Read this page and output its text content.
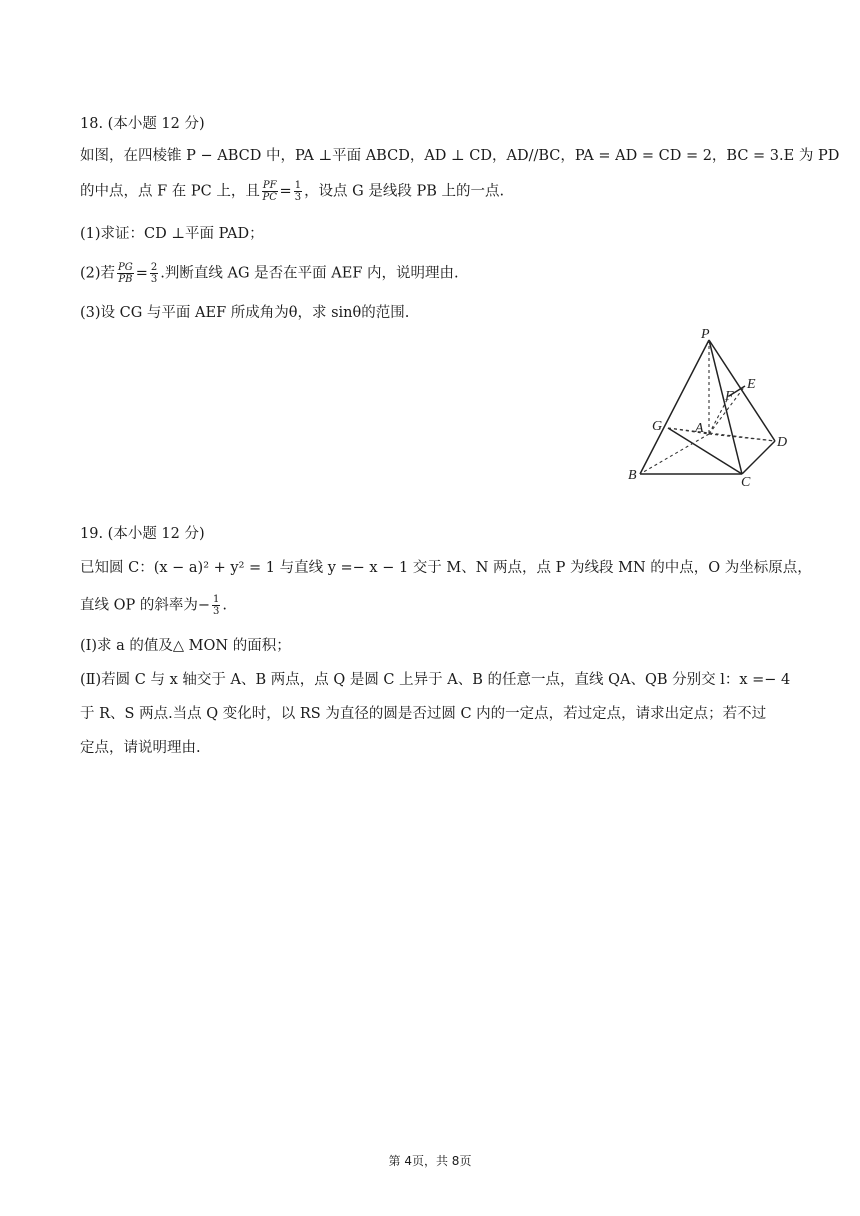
18. (本小题 12 分)
如图，在四棱锥 P − ABCD 中，PA ⊥平面 ABCD，AD ⊥ CD，AD//BC，PA = AD = CD = 2，BC = 3.E 为 PD
的中点，点 F 在 PC 上，且 $\frac{PF}{PC} = \frac{1}{3}$ ，设点 G 是线段 PB 上的一点.
(1)求证：CD ⊥平面 PAD；
(2)若 $\frac{PG}{PB} = \frac{2}{3}$ .判断直线 AG 是否在平面 AEF 内，说明理由.
(3)设 CG 与平面 AEF 所成角为θ，求 sinθ的范围.
P
E
F
G A
D
B	C
19. (本小题 12 分)
已知圆 C：(x − a)² + y² = 1 与直线 y =− x − 1 交于 M、N 两点，点 P 为线段 MN 的中点，O 为坐标原点，
直线 OP 的斜率为− $\frac{1}{3}$ .
(Ⅰ)求 a 的值及△ MON 的面积；
(Ⅱ)若圆 C 与 x 轴交于 A、B 两点，点 Q 是圆 C 上异于 A、B 的任意一点，直线 QA、QB 分别交 l：x =− 4
于 R、S 两点.当点 Q 变化时，以 RS 为直径的圆是否过圆 C 内的一定点，若过定点，请求出定点；若不过
定点，请说明理由.
第 4页，共 8页
